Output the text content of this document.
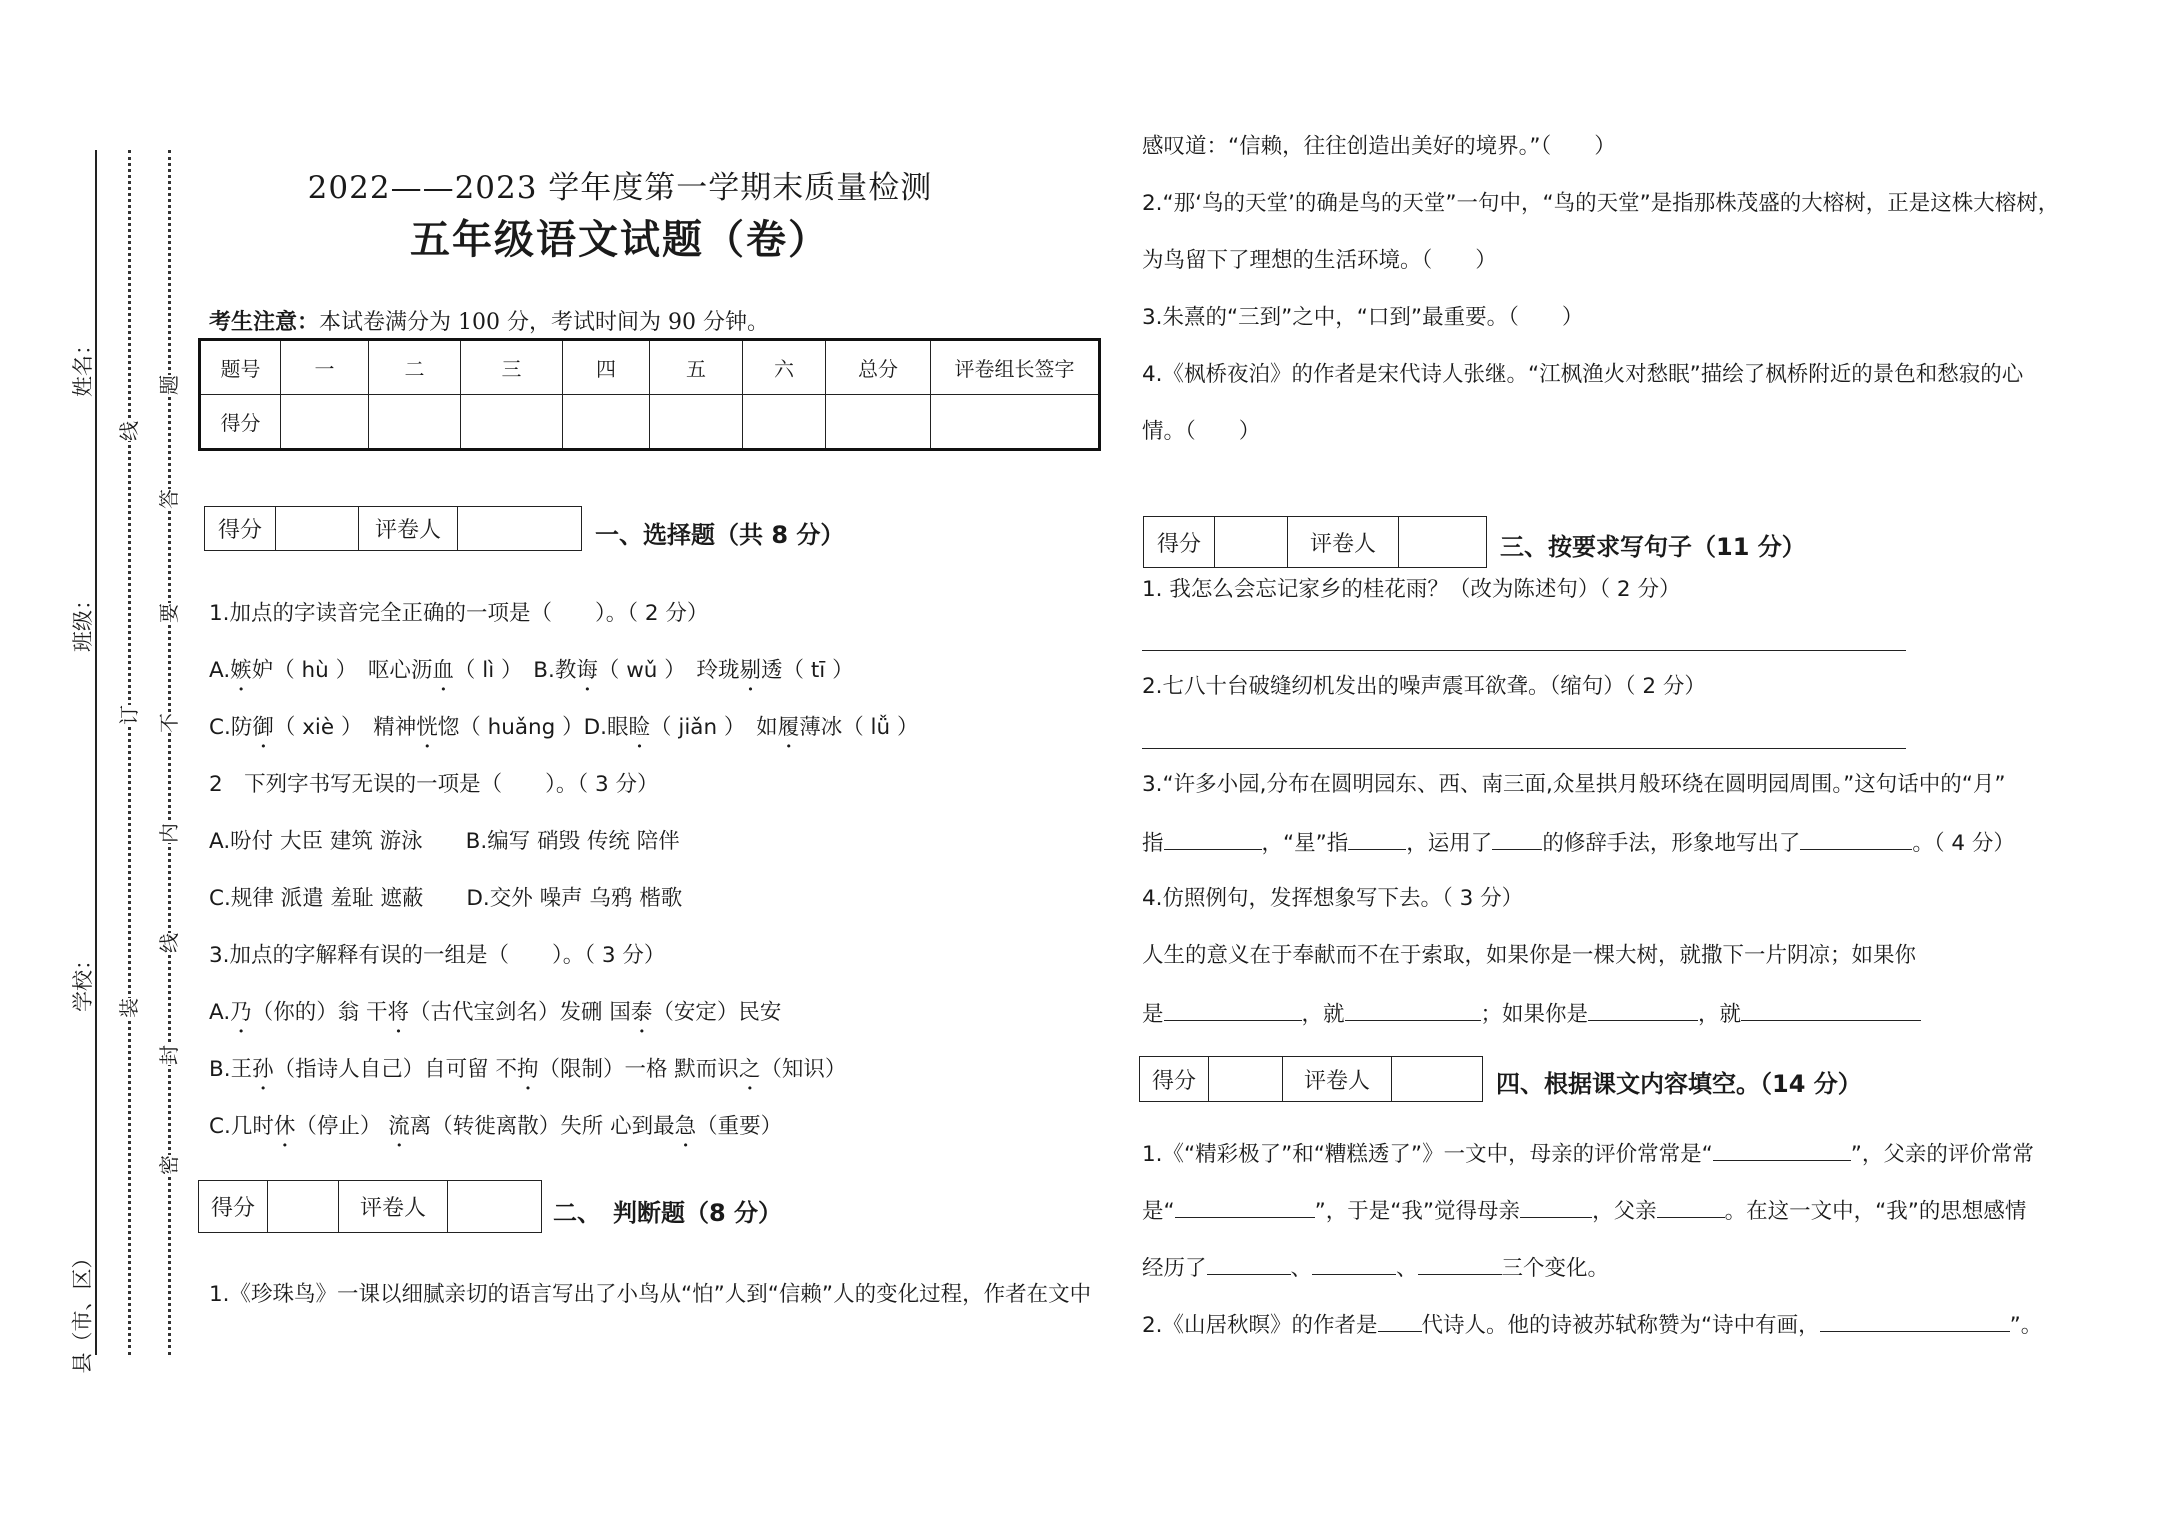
姓名：
班级：
学校：
县（市、区）
线
订
装
题
答
要
不
内
线
封
密
2022——2023 学年度第一学期末质量检测
五年级语文试题（卷）
考生注意：本试卷满分为 100 分，考试时间为 90 分钟。
题号	一	二	三	四	五	六	总分	评卷组长签字
得分								
得分		评卷人		一、选择题（共 8 分）
1.加点的字读音完全正确的一项是（　　）。（ 2 分）
A.嫉妒（ hù ）　呕心沥血（ lì ）　B.教诲（ wǔ ）　玲珑剔透（ tī ）
C.防御（ xiè ）　精神恍惚（ huǎng ）D.眼睑（ jiǎn ）　如履薄冰（ lǚ ）
2　下列字书写无误的一项是（　　）。（ 3 分）
A.吩付 大臣 建筑 游泳　　B.编写 硝毁 传统 陪伴
C.规律 派遣 羞耻 遮蔽　　D.交外 噪声 乌鸦 楷歌
3.加点的字解释有误的一组是（　　）。（ 3 分）
A.乃（你的）翁 干将（古代宝剑名）发硎 国泰（安定）民安
B.王孙（指诗人自己）自可留 不拘（限制）一格 默而识之（知识）
C.几时休（停止） 流离（转徙离散）失所 心到最急（重要）
得分		评卷人		二、　判断题（8 分）
1.《珍珠鸟》一课以细腻亲切的语言写出了小鸟从“怕”人到“信赖”人的变化过程，作者在文中
感叹道：“信赖，往往创造出美好的境界。”（　　）
2.“那‘鸟的天堂’的确是鸟的天堂”一句中，“鸟的天堂”是指那株茂盛的大榕树，正是这株大榕树，
为鸟留下了理想的生活环境。（　　）
3.朱熹的“三到”之中，“口到”最重要。（　　）
4.《枫桥夜泊》的作者是宋代诗人张继。“江枫渔火对愁眠”描绘了枫桥附近的景色和愁寂的心
情。（　　）
得分		评卷人		三、按要求写句子（11 分）
1. 我怎么会忘记家乡的桂花雨？（改为陈述句）（ 2 分）
2.七八十台破缝纫机发出的噪声震耳欲聋。（缩句）（ 2 分）
3.“许多小园,分布在圆明园东、西、南三面,众星拱月般环绕在圆明园周围。”这句话中的“月”
指	，“星”指	，运用了 的修辞手法，形象地写出了	。（ 4 分）
4.仿照例句，发挥想象写下去。（ 3 分）
人生的意义在于奉献而不在于索取，如果你是一棵大树，就撒下一片阴凉；如果你
是	，就	；如果你是	，就
得分		评卷人		四、根据课文内容填空。（14 分）
1.《“精彩极了”和“糟糕透了”》一文中，母亲的评价常常是“	”，父亲的评价常常
是“	”，于是“我”觉得母亲	，父亲	。在这一文中，“我”的思想感情
经历了	、	、	三个变化。
2.《山居秋暝》的作者是 代诗人。他的诗被苏轼称赞为“诗中有画，	”。
